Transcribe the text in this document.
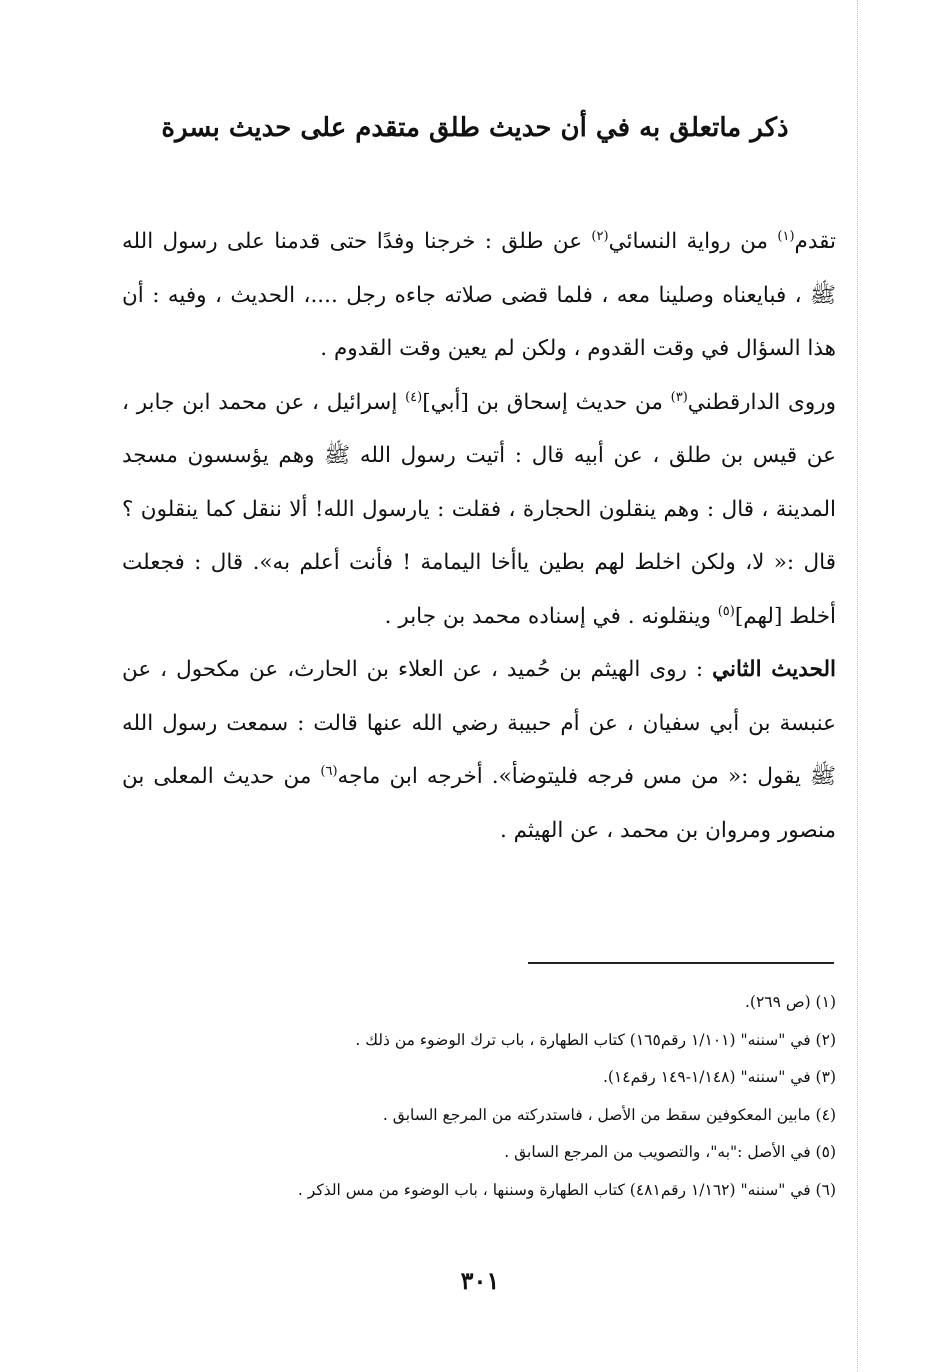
ذكر ماتعلق به في أن حديث طلق متقدم على حديث بسرة

تقدم$^{(١)}$ من رواية النسائي$^{(٢)}$ عن طلق : خرجنا وفدًا حتى قدمنا على رسول الله ﷺ ، فبايعناه وصلينا معه ، فلما قضى صلاته جاءه رجل ....، الحديث ، وفيه : أن هذا السؤال في وقت القدوم ، ولكن لم يعين وقت القدوم .

وروى الدارقطني$^{(٣)}$ من حديث إسحاق بن [أبي]$^{(٤)}$ إسرائيل ، عن محمد ابن جابر ، عن قيس بن طلق ، عن أبيه قال : أتيت رسول الله ﷺ وهم يؤسسون مسجد المدينة ، قال : وهم ينقلون الحجارة ، فقلت : يارسول الله! ألا ننقل كما ينقلون ؟ قال :« لا، ولكن اخلط لهم بطين ياأخا اليمامة ! فأنت أعلم به». قال : فجعلت أخلط [لهم]$^{(٥)}$ وينقلونه . في إسناده محمد بن جابر .

الحديث الثاني : روى الهيثم بن حُميد ، عن العلاء بن الحارث، عن مكحول ، عن عنبسة بن أبي سفيان ، عن أم حبيبة رضي الله عنها قالت : سمعت رسول الله ﷺ يقول :« من مس فرجه فليتوضأ». أخرجه ابن ماجه$^{(٦)}$ من حديث المعلى بن منصور ومروان بن محمد ، عن الهيثم .

(١) (ص ٢٦٩).
(٢) في "سننه" (١/١٠١ رقم١٦٥) كتاب الطهارة ، باب ترك الوضوء من ذلك .
(٣) في "سننه" (١/١٤٨-١٤٩ رقم١٤).
(٤) مابين المعكوفين سقط من الأصل ، فاستدركته من المرجع السابق .
(٥) في الأصل :"به"، والتصويب من المرجع السابق .
(٦) في "سننه" (١/١٦٢ رقم٤٨١) كتاب الطهارة وسننها ، باب الوضوء من مس الذكر .
٣٠١
